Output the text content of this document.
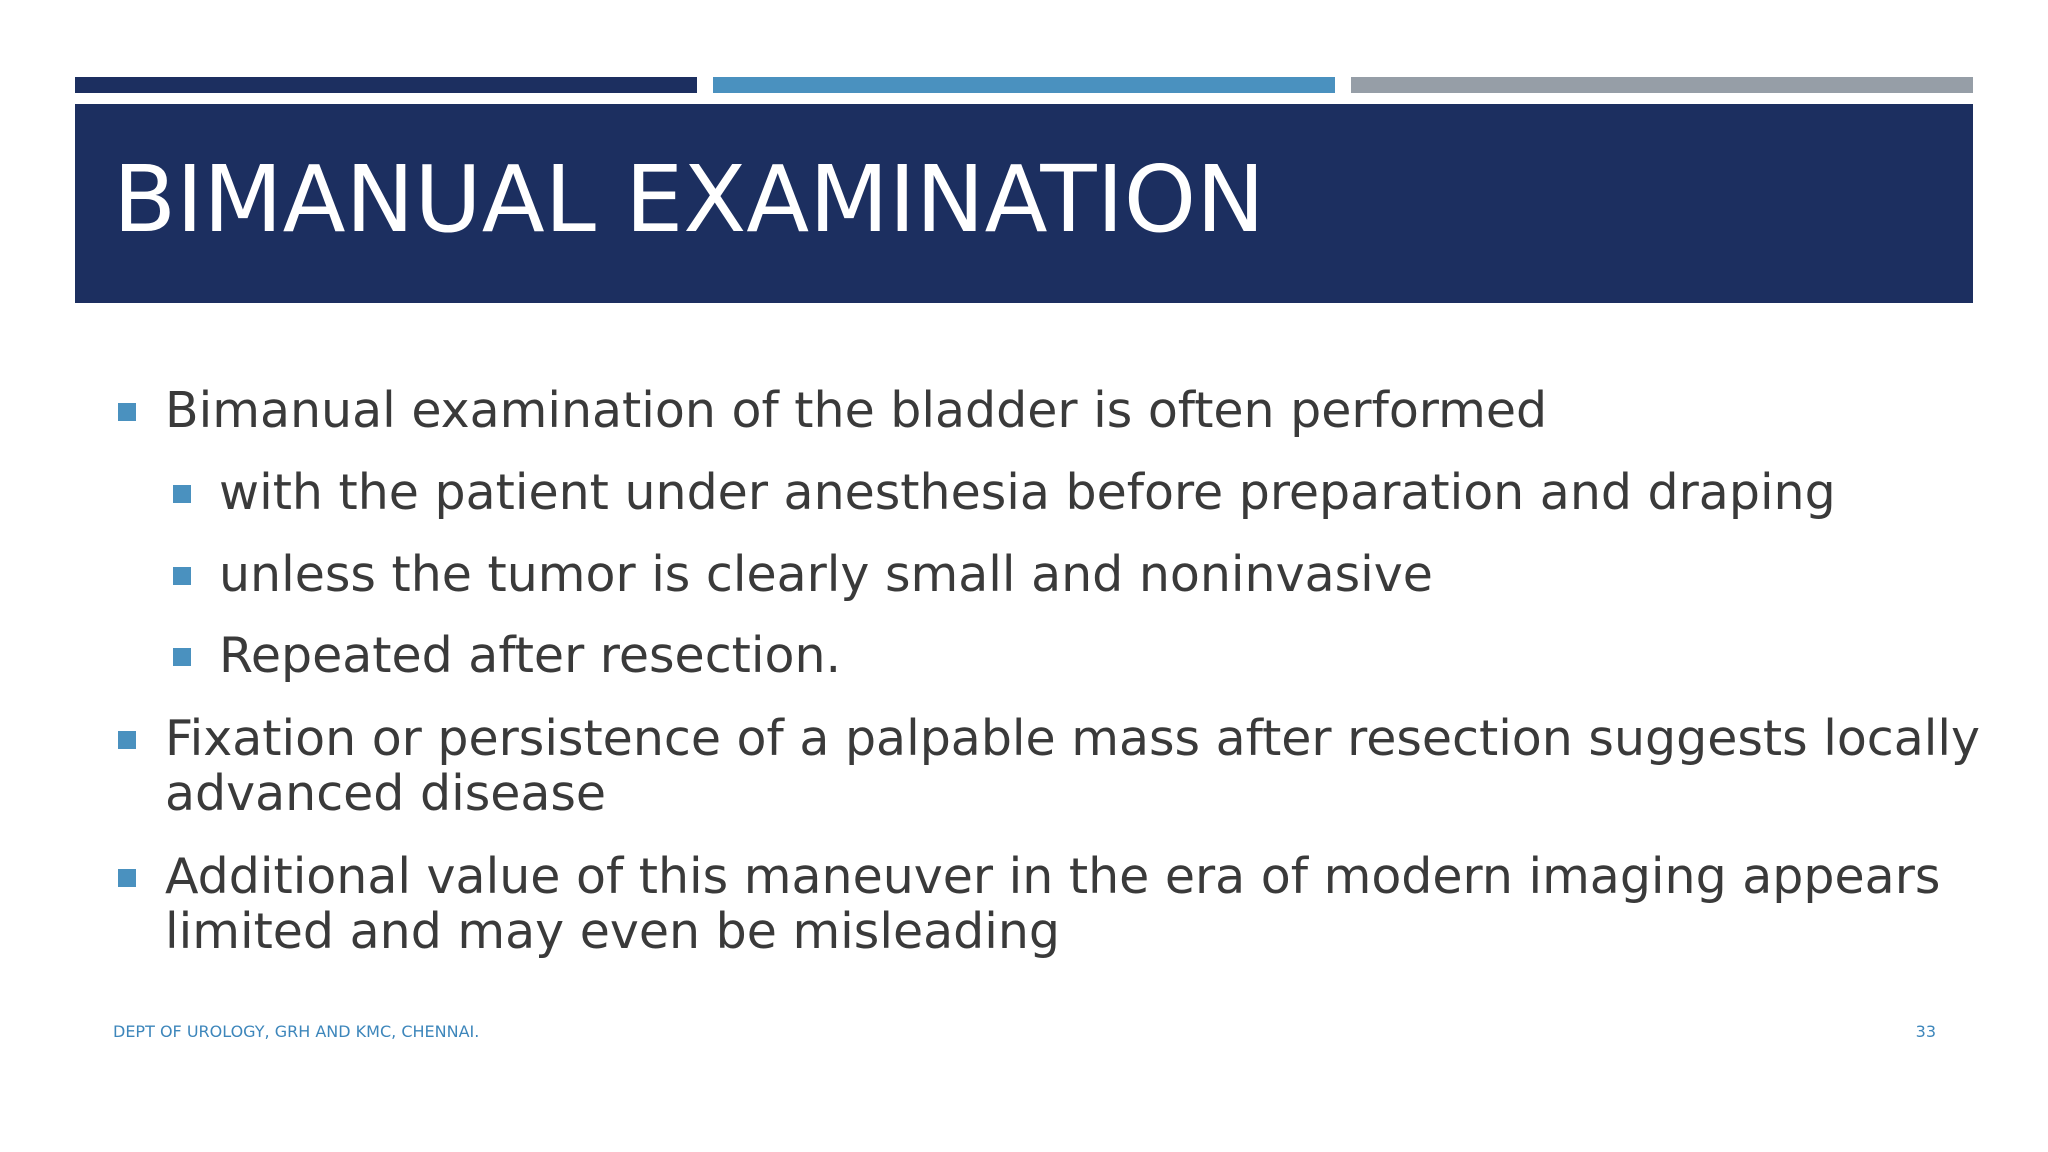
BIMANUAL EXAMINATION
Bimanual examination of the bladder is often performed
with the patient under anesthesia before preparation and draping
unless the tumor is clearly small and noninvasive
Repeated after resection.
Fixation or persistence of a palpable mass after resection suggests locally
advanced disease
Additional value of this maneuver in the era of modern imaging appears
limited and may even be misleading
DEPT OF UROLOGY, GRH AND KMC, CHENNAI.	33
